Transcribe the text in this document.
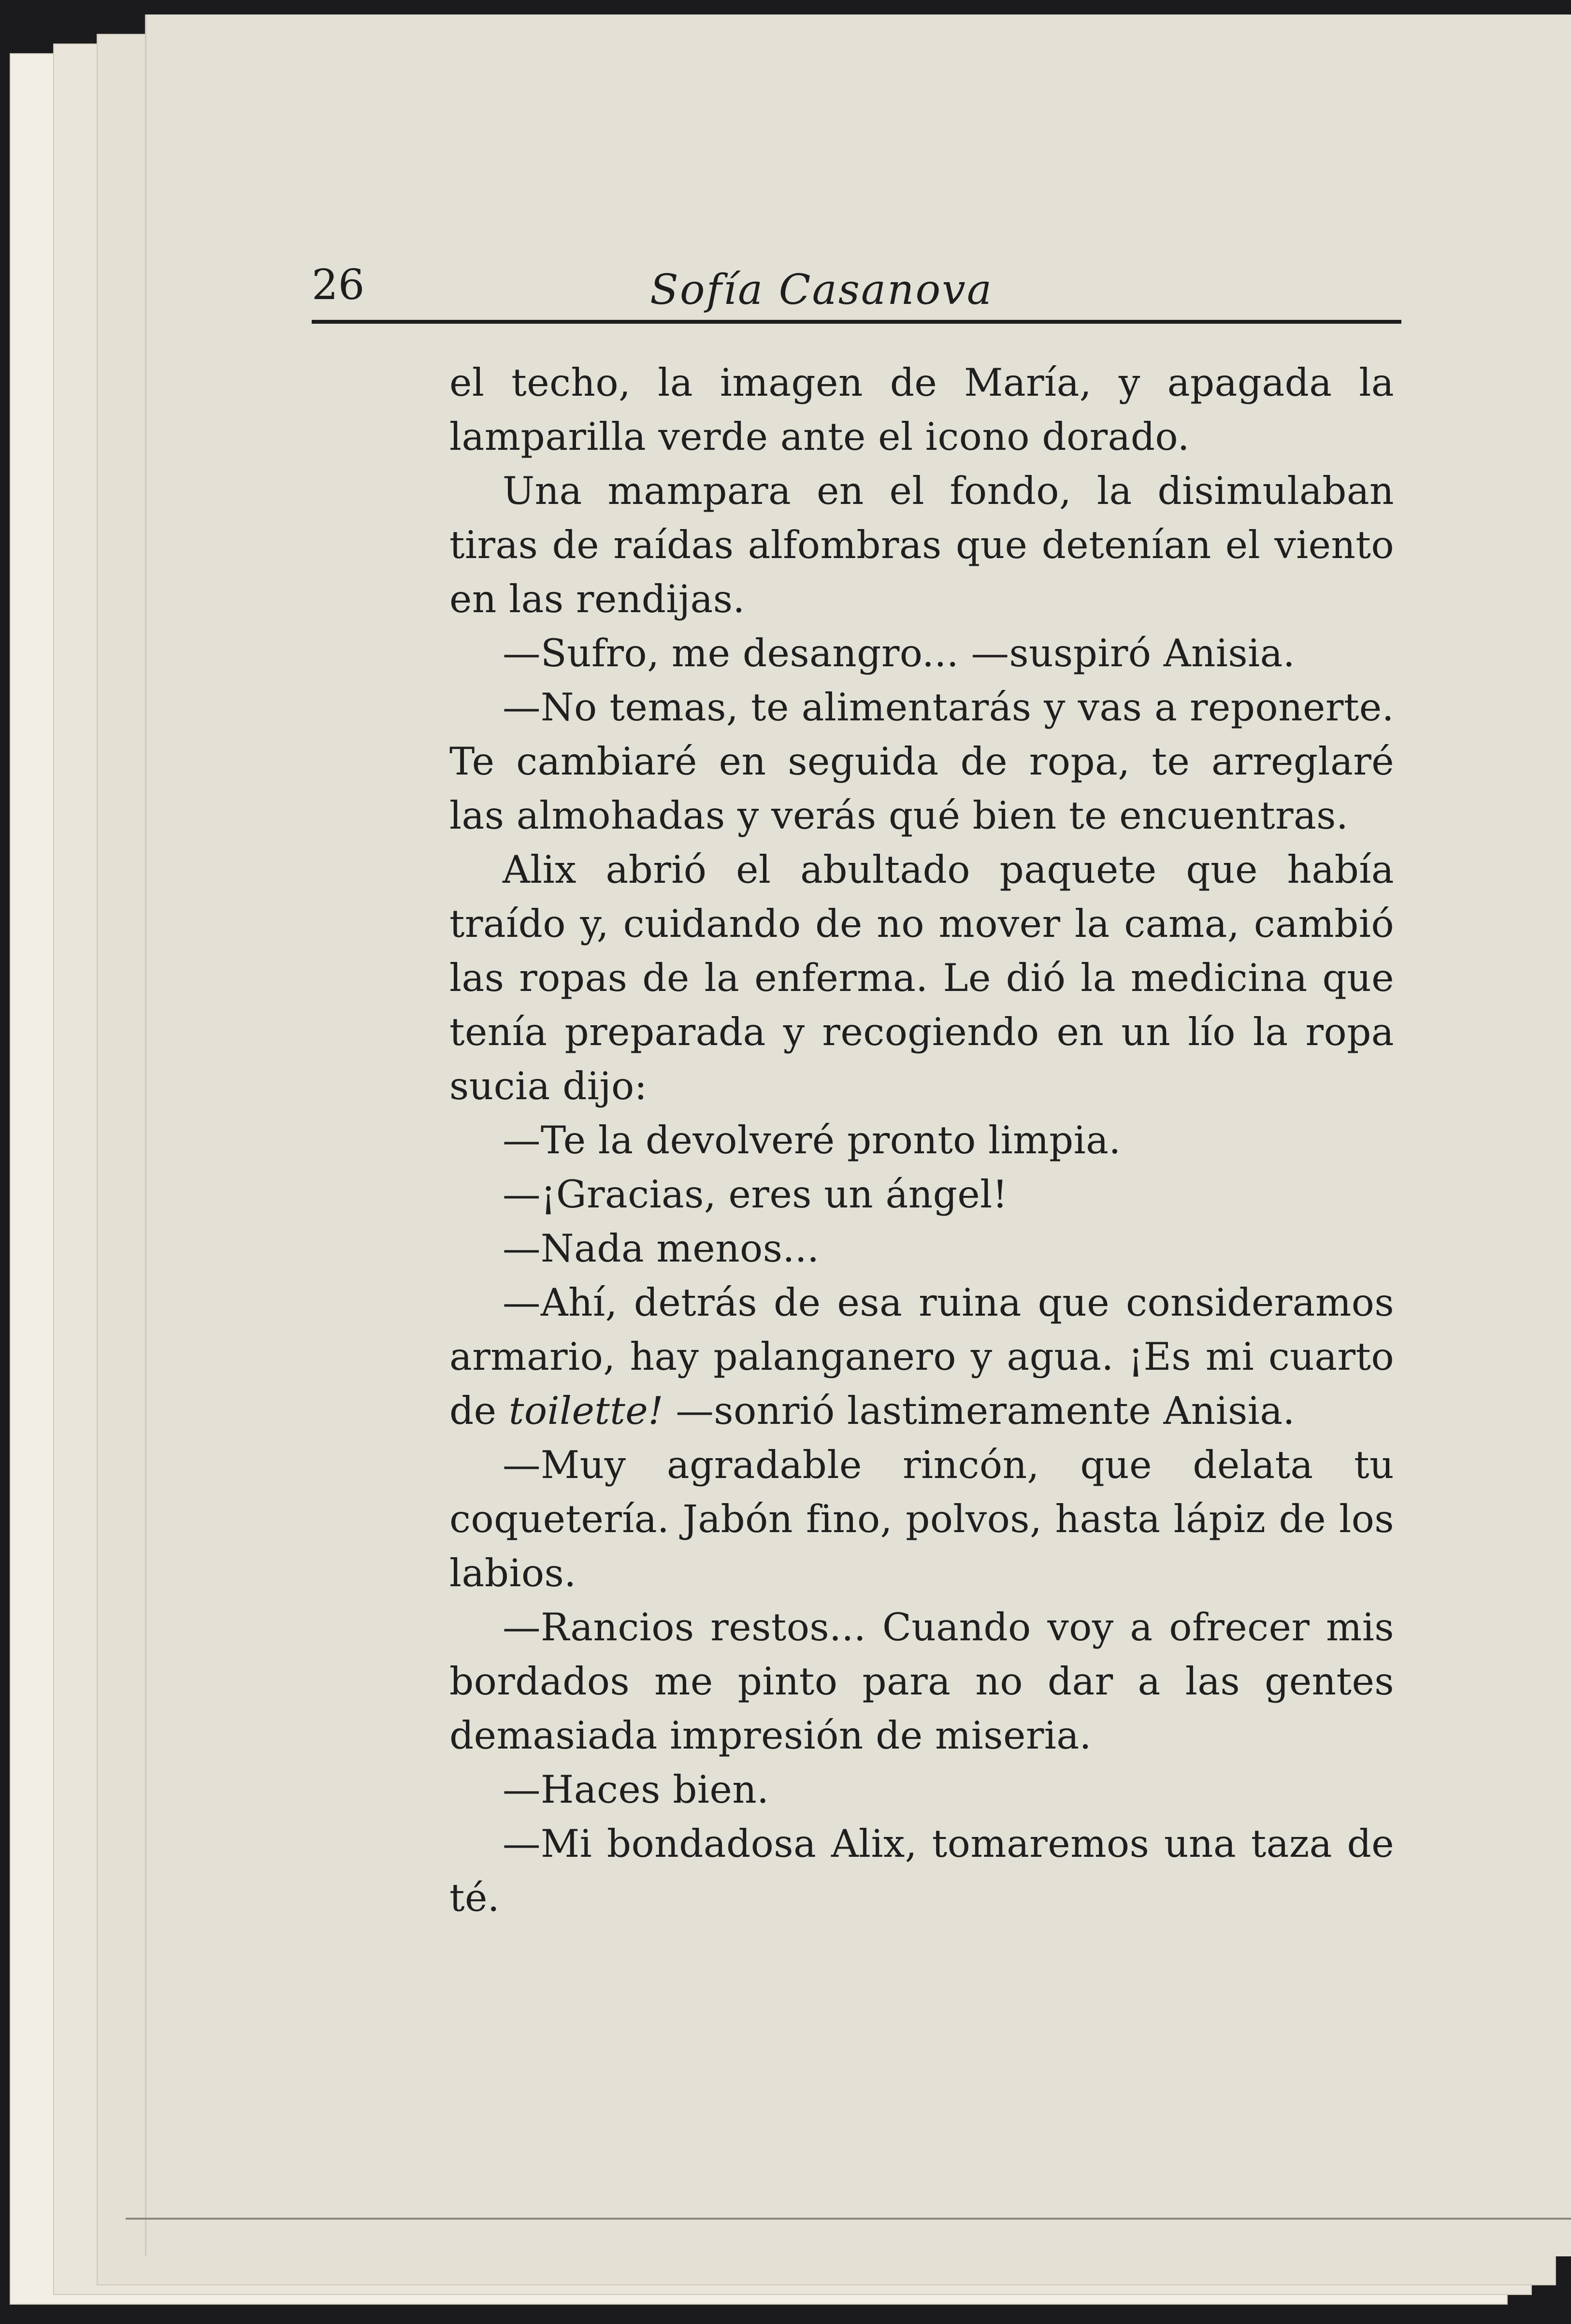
26	Sofía Casanova

el techo, la imagen de María, y apagada la lamparilla verde ante el icono dorado.

Una mampara en el fondo, la disimulaban tiras de raídas alfombras que detenían el viento en las rendijas.

—Sufro, me desangro... —suspiró Anisia.

—No temas, te alimentarás y vas a reponerte. Te cambiaré en seguida de ropa, te arreglaré las almohadas y verás qué bien te encuentras.

Alix abrió el abultado paquete que había traído y, cuidando de no mover la cama, cambió las ropas de la enferma. Le dió la medicina que tenía preparada y recogiendo en un lío la ropa sucia dijo:

—Te la devolveré pronto limpia.

—¡Gracias, eres un ángel!

—Nada menos...

—Ahí, detrás de esa ruina que consideramos armario, hay palanganero y agua. ¡Es mi cuarto de toilette! —sonrió lastimeramente Anisia.

—Muy agradable rincón, que delata tu coquetería. Jabón fino, polvos, hasta lápiz de los labios.

—Rancios restos... Cuando voy a ofrecer mis bordados me pinto para no dar a las gentes demasiada impresión de miseria.

—Haces bien.

—Mi bondadosa Alix, tomaremos una taza de té.
